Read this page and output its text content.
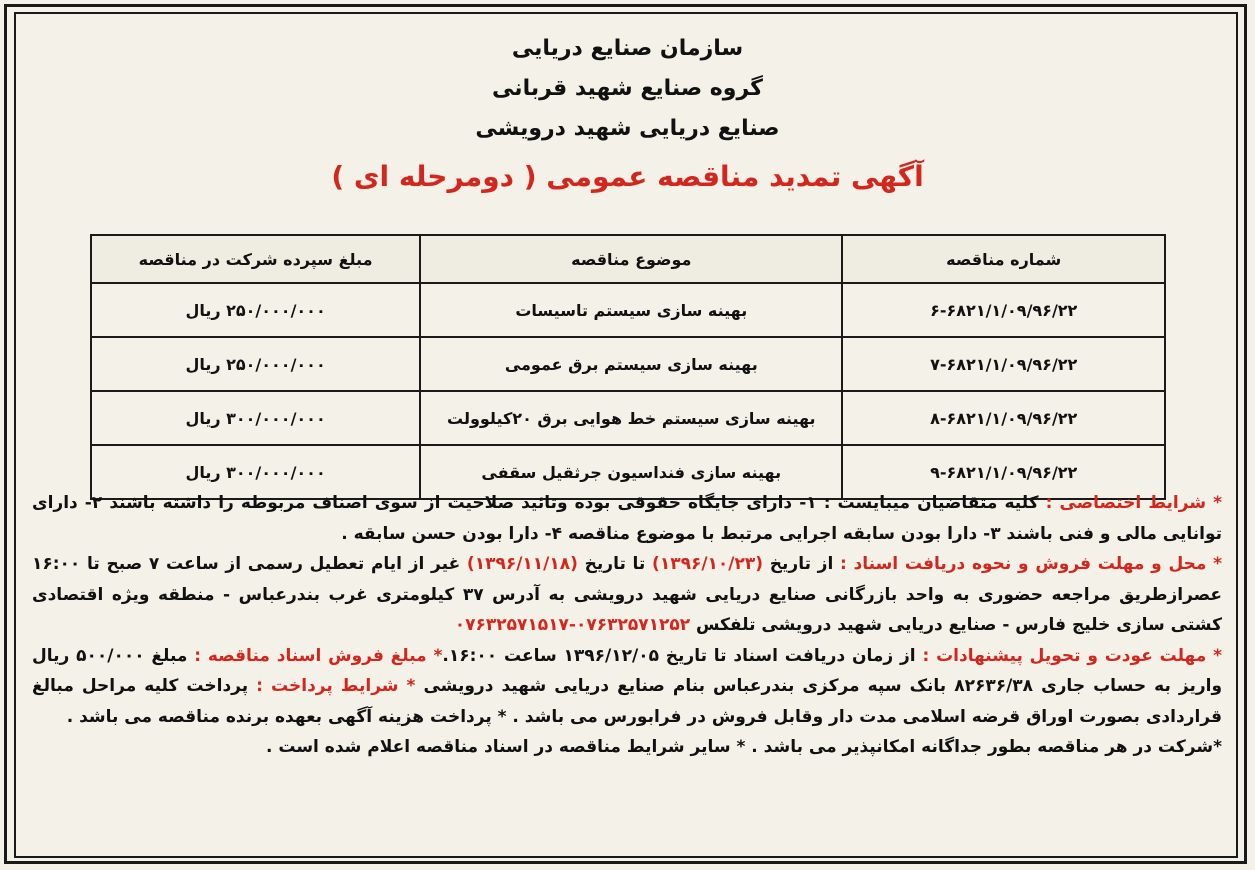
سازمان صنایع دریایی
گروه صنایع شهید قربانی
صنایع دریایی شهید درویشی
آگهی تمدید مناقصه عمومی ( دومرحله ای )
شماره مناقصه	موضوع مناقصه	مبلغ سپرده شرکت در مناقصه
۶-۶۸۲۱/۱/۰۹/۹۶/۲۲	بهینه سازی سیستم تاسیسات	۲۵۰/۰۰۰/۰۰۰ ریال
۷-۶۸۲۱/۱/۰۹/۹۶/۲۲	بهینه سازی سیستم برق عمومی	۲۵۰/۰۰۰/۰۰۰ ریال
۸-۶۸۲۱/۱/۰۹/۹۶/۲۲	بهینه سازی سیستم خط هوایی برق ۲۰کیلوولت	۳۰۰/۰۰۰/۰۰۰ ریال
۹-۶۸۲۱/۱/۰۹/۹۶/۲۲	بهینه سازی فنداسیون جرثقیل سقفی	۳۰۰/۰۰۰/۰۰۰ ریال

* شرایط اختصاصی : کلیه متقاضیان میبایست : ۱- دارای جایگاه حقوقی بوده وتائید صلاحیت از سوی اصناف مربوطه را داشته باشند ۲- دارای توانایی مالی و فنی باشند ۳- دارا بودن سابقه اجرایی مرتبط با موضوع مناقصه ۴- دارا بودن حسن سابقه .

* محل و مهلت فروش و نحوه دریافت اسناد : از تاریخ (۱۳۹۶/۱۰/۲۳) تا تاریخ (۱۳۹۶/۱۱/۱۸) غیر از ایام تعطیل رسمی از ساعت ۷ صبح تا ۱۶:۰۰ عصرازطریق مراجعه حضوری به واحد بازرگانی صنایع دریایی شهید درویشی به آدرس ۳۷ کیلومتری غرب بندرعباس - منطقه ویژه اقتصادی کشتی سازی خلیج فارس - صنایع دریایی شهید درویشی تلفکس ۰۷۶۳۲۵۷۱۲۵۲-۰۷۶۳۲۵۷۱۵۱۷

* مهلت عودت و تحویل پیشنهادات : از زمان دریافت اسناد تا تاریخ ۱۳۹۶/۱۲/۰۵ ساعت ۱۶:۰۰.* مبلغ فروش اسناد مناقصه : مبلغ ۵۰۰/۰۰۰ ریال واریز به حساب جاری ۸۲۶۳۶/۳۸ بانک سپه مرکزی بندرعباس بنام صنایع دریایی شهید درویشی * شرایط پرداخت : پرداخت کلیه مراحل مبالغ قراردادی بصورت اوراق قرضه اسلامی مدت دار وقابل فروش در فرابورس می باشد . * پرداخت هزینه آگهی بعهده برنده مناقصه می باشد .

*شرکت در هر مناقصه بطور جداگانه امکانپذیر می باشد . * سایر شرایط مناقصه در اسناد مناقصه اعلام شده است .
